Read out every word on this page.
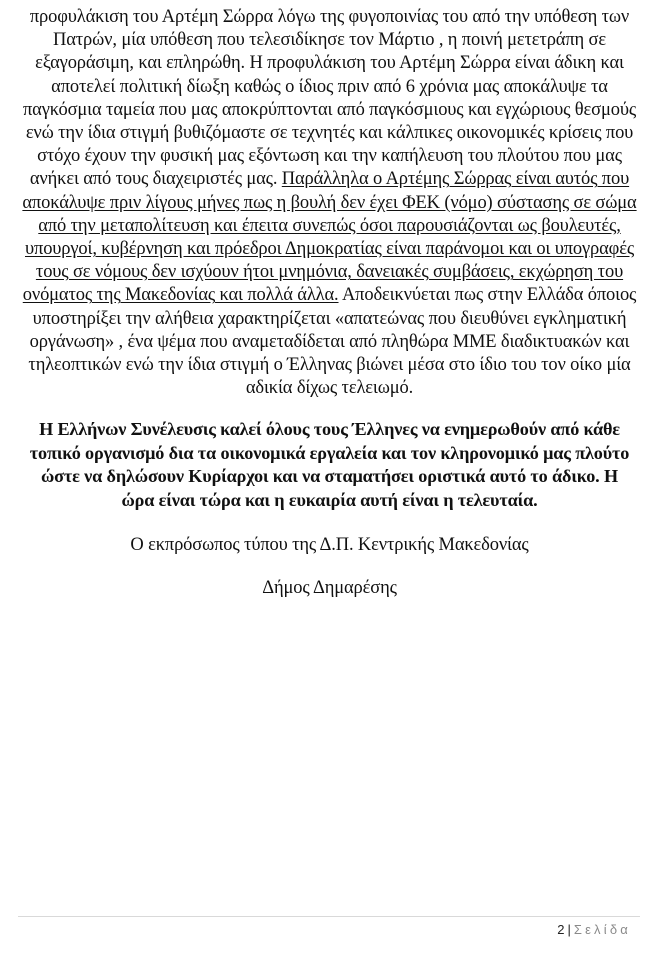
προφυλάκιση του Αρτέμη Σώρρα λόγω της φυγοποινίας του από την υπόθεση των Πατρών, μία υπόθεση που τελεσιδίκησε τον Μάρτιο , η ποινή μετετράπη σε εξαγοράσιμη, και επληρώθη. Η προφυλάκιση του Αρτέμη Σώρρα είναι άδικη και αποτελεί πολιτική δίωξη καθώς ο ίδιος πριν από 6 χρόνια μας αποκάλυψε τα παγκόσμια ταμεία που μας αποκρύπτονται από παγκόσμιους και εγχώριους θεσμούς ενώ την ίδια στιγμή βυθιζόμαστε σε τεχνητές και κάλπικες οικονομικές κρίσεις που στόχο έχουν την φυσική μας εξόντωση και την καπήλευση του πλούτου που μας ανήκει από τους διαχειριστές μας. Παράλληλα ο Αρτέμης Σώρρας είναι αυτός που αποκάλυψε πριν λίγους μήνες πως η βουλή δεν έχει ΦΕΚ (νόμο) σύστασης σε σώμα από την μεταπολίτευση και έπειτα συνεπώς όσοι παρουσιάζονται ως βουλευτές, υπουργοί, κυβέρνηση και πρόεδροι Δημοκρατίας είναι παράνομοι και οι υπογραφές τους σε νόμους δεν ισχύουν ήτοι μνημόνια, δανειακές συμβάσεις, εκχώρηση του ονόματος της Μακεδονίας και πολλά άλλα. Αποδεικνύεται πως στην Ελλάδα όποιος υποστηρίξει την αλήθεια χαρακτηρίζεται «απατεώνας που διευθύνει εγκληματική οργάνωση» , ένα ψέμα που αναμεταδίδεται από πληθώρα ΜΜΕ διαδικτυακών και τηλεοπτικών ενώ την ίδια στιγμή ο Έλληνας βιώνει μέσα στο ίδιο του τον οίκο μία αδικία δίχως τελειωμό.

Η Ελλήνων Συνέλευσις καλεί όλους τους Έλληνες να ενημερωθούν από κάθε τοπικό οργανισμό δια τα οικονομικά εργαλεία και τον κληρονομικό μας πλούτο ώστε να δηλώσουν Κυρίαρχοι και να σταματήσει οριστικά αυτό το άδικο. Η ώρα είναι τώρα και η ευκαιρία αυτή είναι η τελευταία.

Ο εκπρόσωπος τύπου της Δ.Π. Κεντρικής Μακεδονίας

Δήμος Δημαρέσης

2 | Σελίδα
